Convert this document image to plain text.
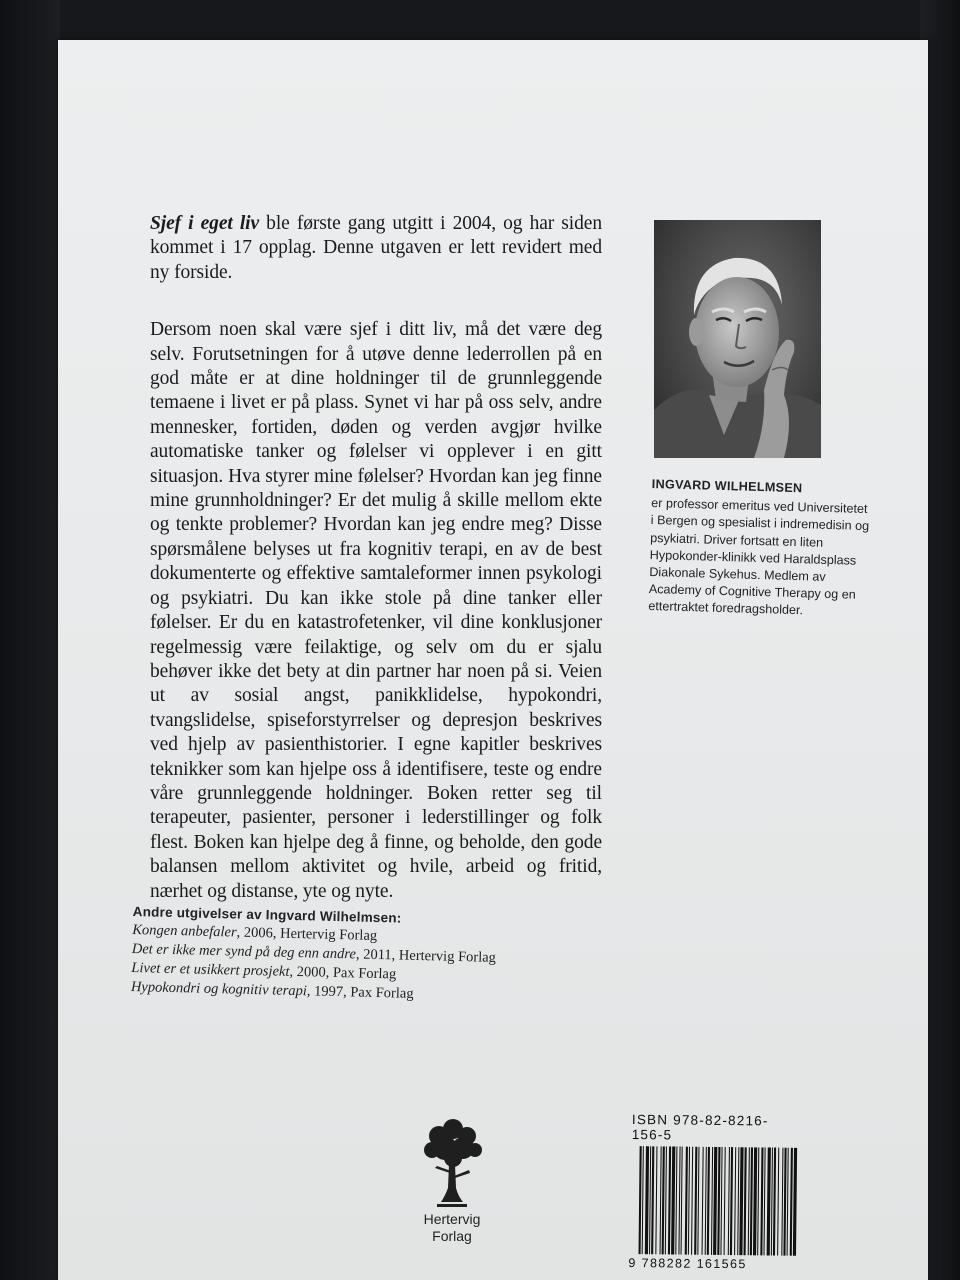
Sjef i eget liv ble første gang utgitt i 2004, og har siden kommet i 17 opplag. Denne utgaven er lett revidert med ny forside.

Dersom noen skal være sjef i ditt liv, må det være deg selv. Forutsetningen for å utøve denne lederrollen på en god måte er at dine holdninger til de grunnleggende temaene i livet er på plass. Synet vi har på oss selv, andre mennesker, fortiden, døden og verden avgjør hvilke automatiske tanker og følelser vi opplever i en gitt situasjon. Hva styrer mine følelser? Hvordan kan jeg finne mine grunnholdninger? Er det mulig å skille mellom ekte og tenkte problemer? Hvordan kan jeg endre meg? Disse spørsmålene belyses ut fra kognitiv terapi, en av de best dokumenterte og effektive samtaleformer innen psykologi og psykiatri. Du kan ikke stole på dine tanker eller følelser. Er du en katastrofetenker, vil dine konklusjoner regelmessig være feilaktige, og selv om du er sjalu behøver ikke det bety at din partner har noen på si. Veien ut av sosial angst, panikklidelse, hypokondri, tvangslidelse, spiseforstyrrelser og depresjon beskrives ved hjelp av pasienthistorier. I egne kapitler beskrives teknikker som kan hjelpe oss å identifisere, teste og endre våre grunnleggende holdninger. Boken retter seg til terapeuter, pasienter, personer i lederstillinger og folk flest. Boken kan hjelpe deg å finne, og beholde, den gode balansen mellom aktivitet og hvile, arbeid og fritid, nærhet og distanse, yte og nyte.

Andre utgivelser av Ingvard Wilhelmsen:
Kongen anbefaler, 2006, Hertervig Forlag
Det er ikke mer synd på deg enn andre, 2011, Hertervig Forlag
Livet er et usikkert prosjekt, 2000, Pax Forlag
Hypokondri og kognitiv terapi, 1997, Pax Forlag
INGVARD WILHELMSEN
er professor emeritus ved Universitetet i Bergen og spesialist i indremedisin og psykiatri. Driver fortsatt en liten Hypokonder-klinikk ved Haraldsplass Diakonale Sykehus. Medlem av Academy of Cognitive Therapy og en ettertraktet foredragsholder.
Hertervig
Forlag
ISBN 978-82-8216-156-5
9 788282 161565
